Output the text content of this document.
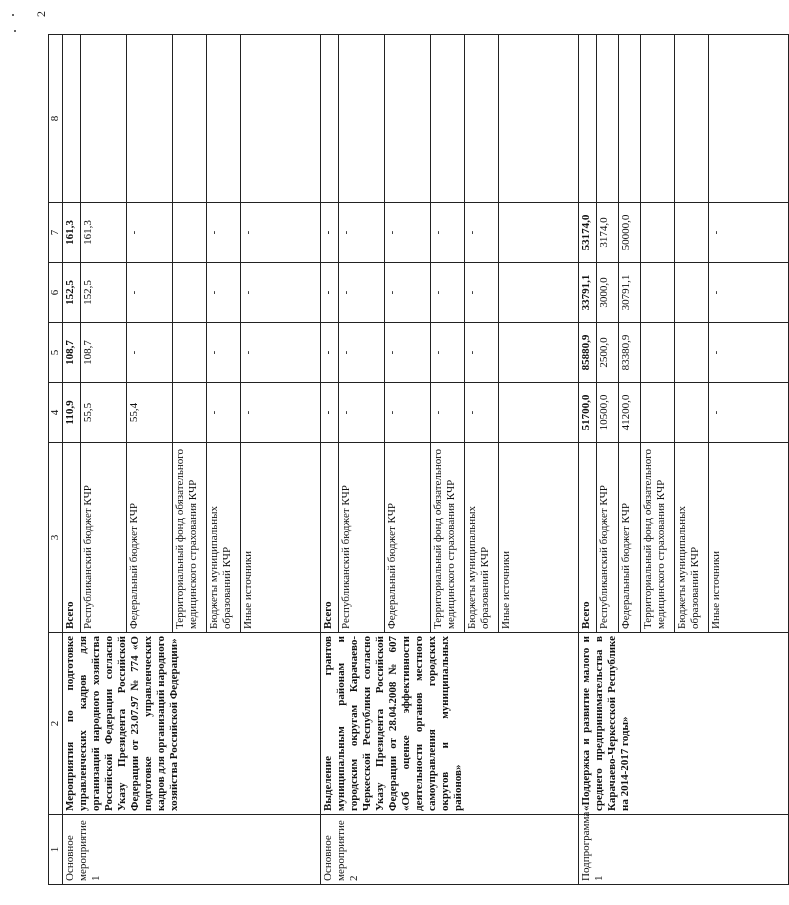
2
1	2	3	4	5	6	7	8
Основное мероприятие 1	Мероприятия по подготовке управленческих кадров для организаций народного хозяйства Российской Федерации согласно Указу Президента Российской Федерации от 23.07.97 № 774 «О подготовке управленческих кадров для организаций народного хозяйства Российской Федерации»	Всего	110,9	108,7	152,5	161,3	
		Республиканский бюджет КЧР	55,5	108,7	152,5	161,3	
		Федеральный бюджет КЧР	55,4	-	-	-	
		Территориальный фонд обязательного медицинского страхования КЧР					
		Бюджеты муниципальных образований КЧР	-	-	-	-	
		Иные источники	-	-	-	-	
Основное мероприятие 2	Выделение грантов муниципальным районам и городским округам Карачаево-Черкесской Республики согласно Указу Президента Российской Федерации от 28.04.2008 № 607 «Об оценке эффективности деятельности органов местного самоуправления городских округов и муниципальных районов»	Всего	-	-	-	-	
		Республиканский бюджет КЧР	-	-	-	-	
		Федеральный бюджет КЧР	-	-	-	-	
		Территориальный фонд обязательного медицинского страхования КЧР	-	-	-	-	
		Бюджеты муниципальных образований КЧР	-	-	-	-	
		Иные источники					
Подпрограмма 1	«Поддержка и развитие малого и среднего предпринимательства в Карачаево-Черкесской Республике на 2014-2017 годы»	Всего	51700,0	85880,9	33791,1	53174,0	
		Республиканский бюджет КЧР	10500,0	2500,0	3000,0	3174,0	
		Федеральный бюджет КЧР	41200,0	83380,9	30791,1	50000,0	
		Территориальный фонд обязательного медицинского страхования КЧР					
		Бюджеты муниципальных образований КЧР					
		Иные источники	-	-	-	-	
